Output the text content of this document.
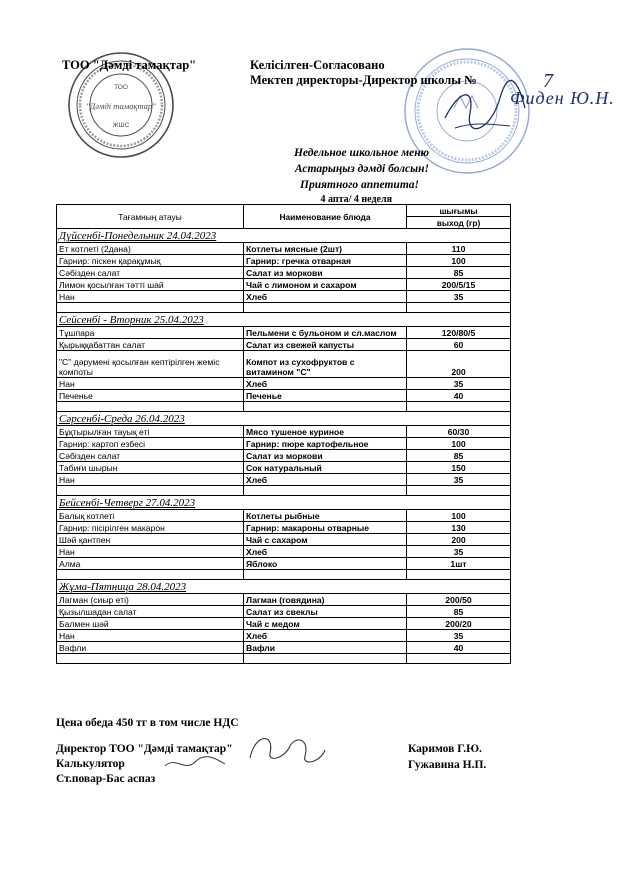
ТОО
"Дәмді тамақтар"
ЖШС
ТОО "Дәмді тамақтар"	Келісілген-Согласовано
Мектеп директоры-Директор школы №	7
Фиден Ю.Н.
Недельное школьное меню
Астарыңыз дәмді болсын!
Приятного аппетита!
4 апта/ 4 неделя
Тағамның атауы	Наименование блюда	шығымы
		выход (гр)
Дүйсенбі-Понедельник 24.04.2023		
Ет котлеті (2дана)	Котлеты мясные (2шт)	110
Гарнир: піскен қарақұмық	Гарнир: гречка отварная	100
Сәбізден салат	Салат из моркови	85
Лимон қосылған тәтті шай	Чай с лимоном и сахаром	200/5/15
Нан	Хлеб	35

Сейсенбі - Вторник 25.04.2023		
Тұшпара	Пельмени с бульоном и сл.маслом	120/80/5
Қырыққабаттан салат	Салат из свежей капусты	60
"С" дәрумені қосылған кептірілген жеміс компоты	Компот из сухофруктов с витамином "С"	200
Нан	Хлеб	35
Печенье	Печенье	40

Сәрсенбі-Среда 26.04.2023		
Бұқтырылған тауық еті	Мясо тушеное куриное	60/30
Гарнир: картоп езбесі	Гарнир: пюре картофельное	100
Сәбізден салат	Салат из моркови	85
Табиғи шырын	Сок натуральный	150
Нан	Хлеб	35

Бейсенбі-Четверг 27.04.2023		
Балық котлеті	Котлеты рыбные	100
Гарнир: пісірілген макарон	Гарнир: макароны отварные	130
Шәй қантпен	Чай с сахаром	200
Нан	Хлеб	35
Алма	Яблоко	1шт

Жұма-Пятница 28.04.2023		
Лагман (сиыр еті)	Лагман (говядина)	200/50
Қызылшадан салат	Салат из свеклы	85
Балмен шәй	Чай с медом	200/20
Нан	Хлеб	35
Вафли	Вафли	40

Цена обеда 450 тг в том числе НДС
Директор ТОО "Дәмді тамақтар"
Калькулятор
Ст.повар-Бас аспаз
Каримов Г.Ю.
Гужавина Н.П.
